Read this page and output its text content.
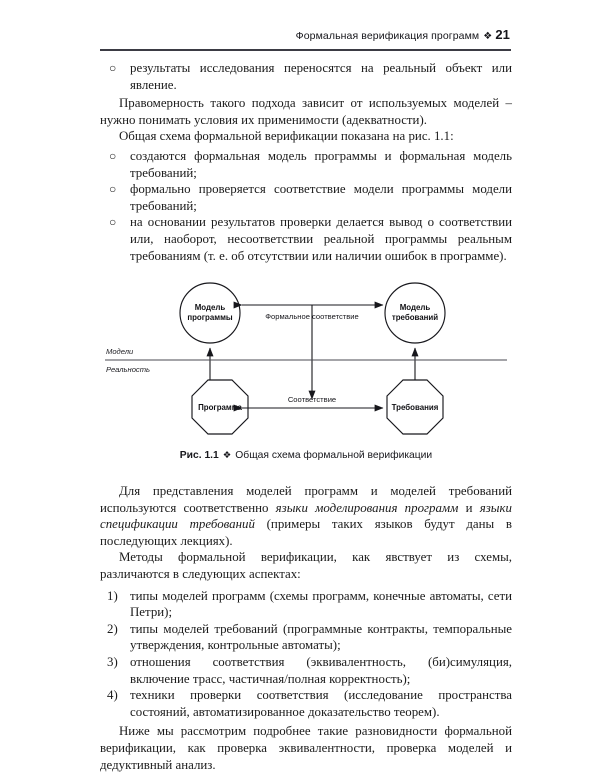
Формальная верификация программ ❖ 21
○	результаты исследования переносятся на реальный объект или явление.

Правомерность такого подхода зависит от используемых моделей – нужно понимать условия их применимости (адекватности).

Общая схема формальной верификации показана на рис. 1.1:

○	создаются формальная модель программы и формальная модель требований;
○	формально проверяется соответствие модели программы модели требований;
○	на основании результатов проверки делается вывод о соответствии или, наоборот, несоответствии реальной программы реальным требованиям (т. е. об отсутствии или наличии ошибок в программе).
Модель
программы
Модель
требований
Программа	Требования
Формальное соответствие
Соответствие
Модели
Реальность
Рис. 1.1 ❖ Общая схема формальной верификации

Для представления моделей программ и моделей требований используются соответственно языки моделирования программ и языки спецификации требований (примеры таких языков будут даны в последующих лекциях).

Методы формальной верификации, как явствует из схемы, различаются в следующих аспектах:

1) типы моделей программ (схемы программ, конечные автоматы, сети Петри);
2) типы моделей требований (программные контракты, темпоральные утверждения, контрольные автоматы);
3) отношения соответствия (эквивалентность, (би)симуляция, включение трасс, частичная/полная корректность);
4) техники проверки соответствия (исследование пространства состояний, автоматизированное доказательство теорем).

Ниже мы рассмотрим подробнее такие разновидности формальной верификации, как проверка эквивалентности, проверка моделей и дедуктивный анализ.
